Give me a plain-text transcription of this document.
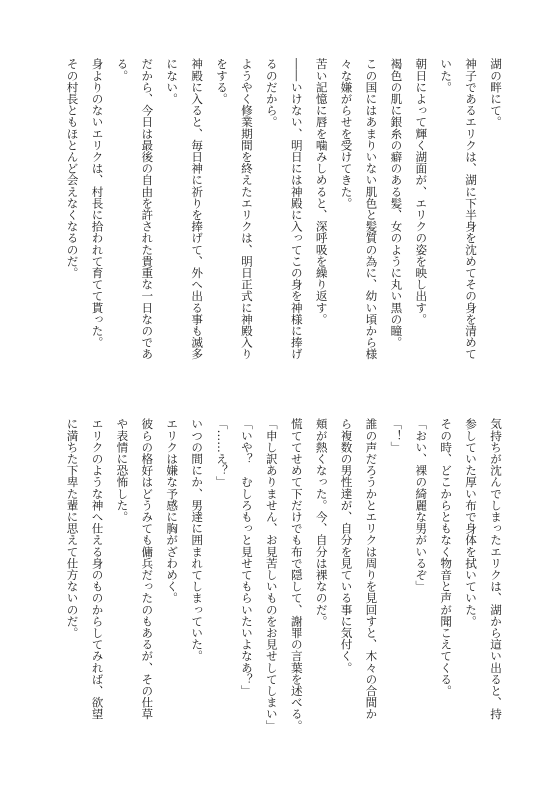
湖の畔にて。
神子であるエリクは、湖に下半身を沈めてその身を清めて
いた。
朝日によって輝く湖面が、エリクの姿を映し出す。
褐色の肌に銀糸の癖のある髪、女のように丸い黒の瞳。
この国にはあまりいない肌色と髪質の為に、幼い頃から様
々な嫌がらせを受けてきた。
苦い記憶に唇を噛みしめると、深呼吸を繰り返す。
――いけない、明日には神殿に入ってこの身を神様に捧げ
るのだから。
ようやく修業期間を終えたエリクは、明日正式に神殿入り
をする。
神殿に入ると、毎日神に祈りを捧げて、外へ出る事も滅多
にない。
だから、今日は最後の自由を許された貴重な一日なのであ
る。
身よりのないエリクは、村長に拾われて育てて貰った。
その村長ともほとんど会えなくなるのだ。
気持ちが沈んでしまったエリクは、湖から這い出ると、持
参していた厚い布で身体を拭いていた。
その時、どこからともなく物音と声が聞こえてくる。
「おい、裸の綺麗な男がいるぞ」
「！」
誰の声だろうかとエリクは周りを見回すと、木々の合間か
ら複数の男性達が、自分を見ている事に気付く。
頬が熱くなった。今、自分は裸なのだ。
慌ててせめて下だけでも布で隠して、謝罪の言葉を述べる。
「申し訳ありません、お見苦しいものをお見せしてしまい」
「いや？　むしろもっと見せてもらいたいよなあ？」
「……え？」
いつの間にか、男達に囲まれてしまっていた。
エリクは嫌な予感に胸がざわめく。
彼らの格好はどうみても傭兵だったのもあるが、その仕草
や表情に恐怖した。
エリクのような神へ仕える身のものからしてみれば、欲望
に満ちた下卑た輩に思えて仕方ないのだ。
